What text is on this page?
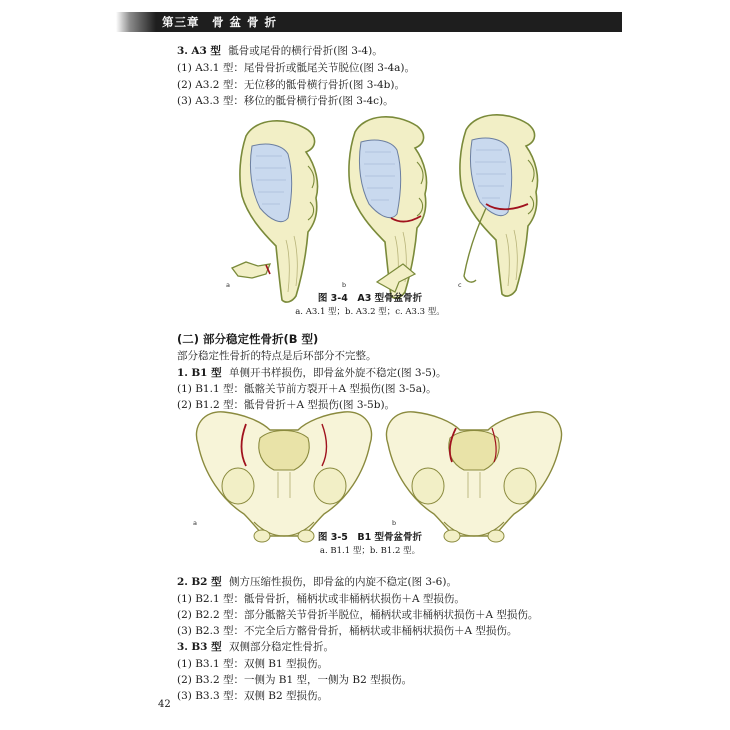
第三章　骨 盆 骨 折
3. A3 型 骶骨或尾骨的横行骨折(图 3-4)。
(1) A3.1 型：尾骨骨折或骶尾关节脱位(图 3-4a)。
(2) A3.2 型：无位移的骶骨横行骨折(图 3-4b)。
(3) A3.3 型：移位的骶骨横行骨折(图 3-4c)。
a	b	c
图 3-4　A3 型骨盆骨折
a. A3.1 型；b. A3.2 型；c. A3.3 型。
(二) 部分稳定性骨折(B 型)
部分稳定性骨折的特点是后环部分不完整。
1. B1 型 单侧开书样损伤，即骨盆外旋不稳定(图 3-5)。
(1) B1.1 型：骶髂关节前方裂开＋A 型损伤(图 3-5a)。
(2) B1.2 型：骶骨骨折＋A 型损伤(图 3-5b)。
a	b
图 3-5　B1 型骨盆骨折
a. B1.1 型；b. B1.2 型。
2. B2 型 侧方压缩性损伤，即骨盆的内旋不稳定(图 3-6)。
(1) B2.1 型：骶骨骨折，桶柄状或非桶柄状损伤＋A 型损伤。
(2) B2.2 型：部分骶髂关节骨折半脱位，桶柄状或非桶柄状损伤＋A 型损伤。
(3) B2.3 型：不完全后方髂骨骨折，桶柄状或非桶柄状损伤＋A 型损伤。
3. B3 型 双侧部分稳定性骨折。
(1) B3.1 型：双侧 B1 型损伤。
(2) B3.2 型：一侧为 B1 型，一侧为 B2 型损伤。
(3) B3.3 型：双侧 B2 型损伤。
42
